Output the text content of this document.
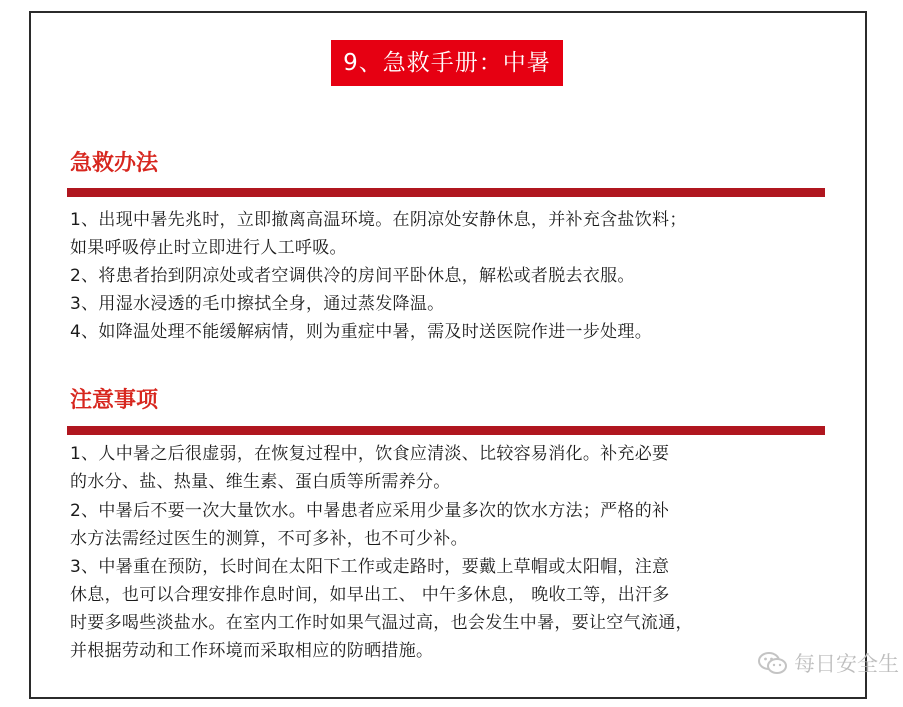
9、急救手册：中暑
急救办法
1、出现中暑先兆时，立即撤离高温环境。在阴凉处安静休息，并补充含盐饮料；
如果呼吸停止时立即进行人工呼吸。
2、将患者抬到阴凉处或者空调供冷的房间平卧休息，解松或者脱去衣服。
3、用湿水浸透的毛巾擦拭全身，通过蒸发降温。
4、如降温处理不能缓解病情，则为重症中暑，需及时送医院作进一步处理。
注意事项
1、人中暑之后很虚弱，在恢复过程中，饮食应清淡、比较容易消化。补充必要
的水分、盐、热量、维生素、蛋白质等所需养分。
2、中暑后不要一次大量饮水。中暑患者应采用少量多次的饮水方法；严格的补
水方法需经过医生的测算，不可多补，也不可少补。
3、中暑重在预防，长时间在太阳下工作或走路时，要戴上草帽或太阳帽，注意
休息，也可以合理安排作息时间，如早出工、 中午多休息， 晚收工等，出汗多
时要多喝些淡盐水。在室内工作时如果气温过高，也会发生中暑，要让空气流通，
并根据劳动和工作环境而采取相应的防晒措施。
每日安全生
